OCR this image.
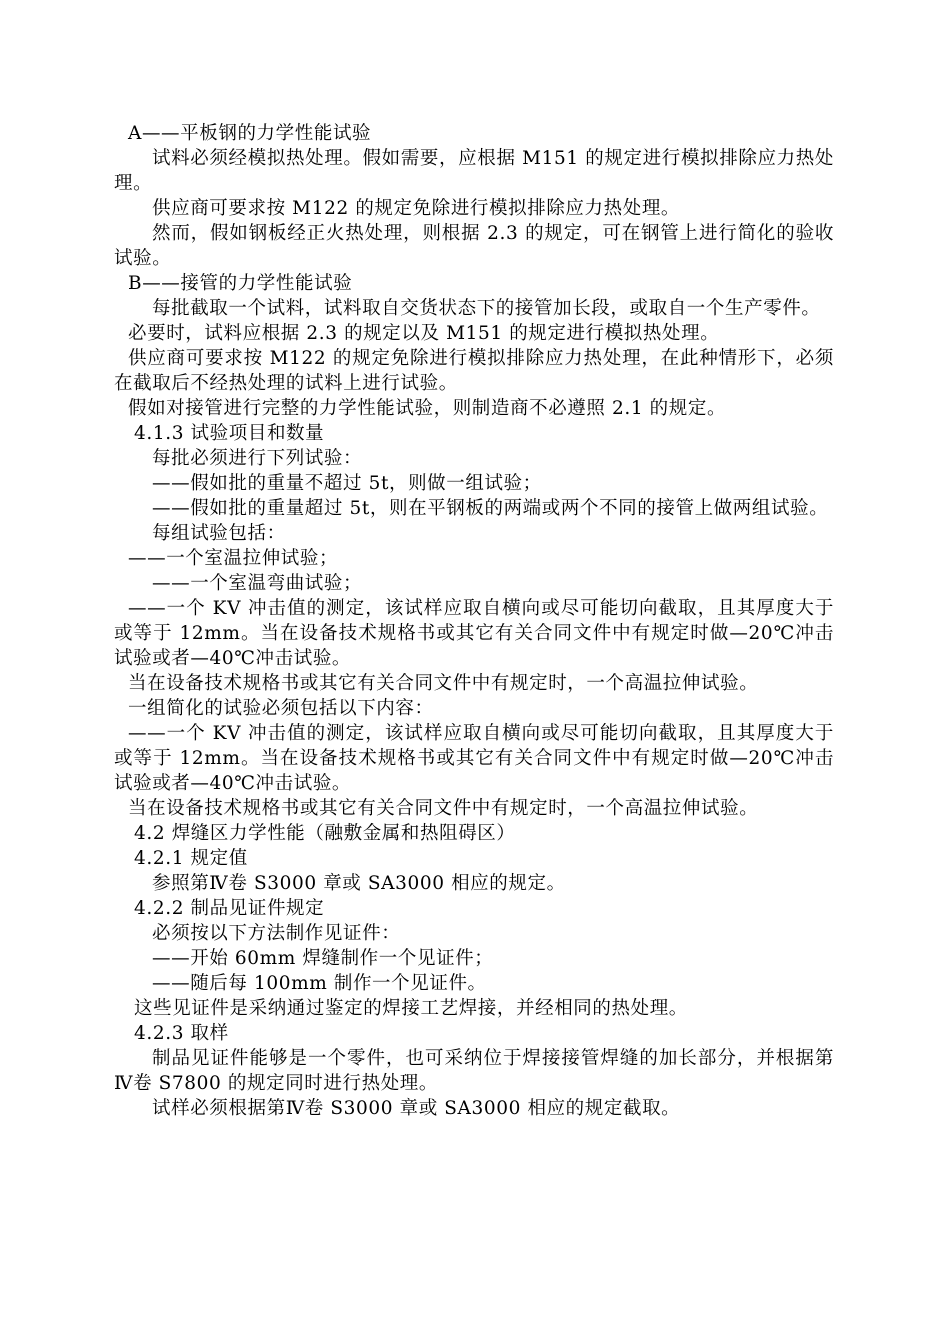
A——平板钢的力学性能试验

试料必须经模拟热处理。假如需要，应根据 M151 的规定进行模拟排除应力热处理。

供应商可要求按 M122 的规定免除进行模拟排除应力热处理。

然而，假如钢板经正火热处理，则根据 2.3 的规定，可在钢管上进行简化的验收试验。

B——接管的力学性能试验

每批截取一个试料，试料取自交货状态下的接管加长段，或取自一个生产零件。

必要时，试料应根据 2.3 的规定以及 M151 的规定进行模拟热处理。

供应商可要求按 M122 的规定免除进行模拟排除应力热处理，在此种情形下，必须在截取后不经热处理的试料上进行试验。

假如对接管进行完整的力学性能试验，则制造商不必遵照 2.1 的规定。

4.1.3 试验项目和数量

每批必须进行下列试验：

——假如批的重量不超过 5t，则做一组试验；

——假如批的重量超过 5t，则在平钢板的两端或两个不同的接管上做两组试验。

每组试验包括：

——一个室温拉伸试验；

——一个室温弯曲试验；

——一个 KV 冲击值的测定，该试样应取自横向或尽可能切向截取，且其厚度大于或等于 12mm。当在设备技术规格书或其它有关合同文件中有规定时做—20℃冲击试验或者—40℃冲击试验。

当在设备技术规格书或其它有关合同文件中有规定时，一个高温拉伸试验。

一组简化的试验必须包括以下内容：

——一个 KV 冲击值的测定，该试样应取自横向或尽可能切向截取，且其厚度大于或等于 12mm。当在设备技术规格书或其它有关合同文件中有规定时做—20℃冲击试验或者—40℃冲击试验。

当在设备技术规格书或其它有关合同文件中有规定时，一个高温拉伸试验。

4.2 焊缝区力学性能（融敷金属和热阻碍区）

4.2.1 规定值

参照第Ⅳ卷 S3000 章或 SA3000 相应的规定。

4.2.2 制品见证件规定

必须按以下方法制作见证件：

——开始 60mm 焊缝制作一个见证件；

——随后每 100mm 制作一个见证件。

这些见证件是采纳通过鉴定的焊接工艺焊接，并经相同的热处理。

4.2.3 取样

制品见证件能够是一个零件，也可采纳位于焊接接管焊缝的加长部分，并根据第Ⅳ卷 S7800 的规定同时进行热处理。

试样必须根据第Ⅳ卷 S3000 章或 SA3000 相应的规定截取。
